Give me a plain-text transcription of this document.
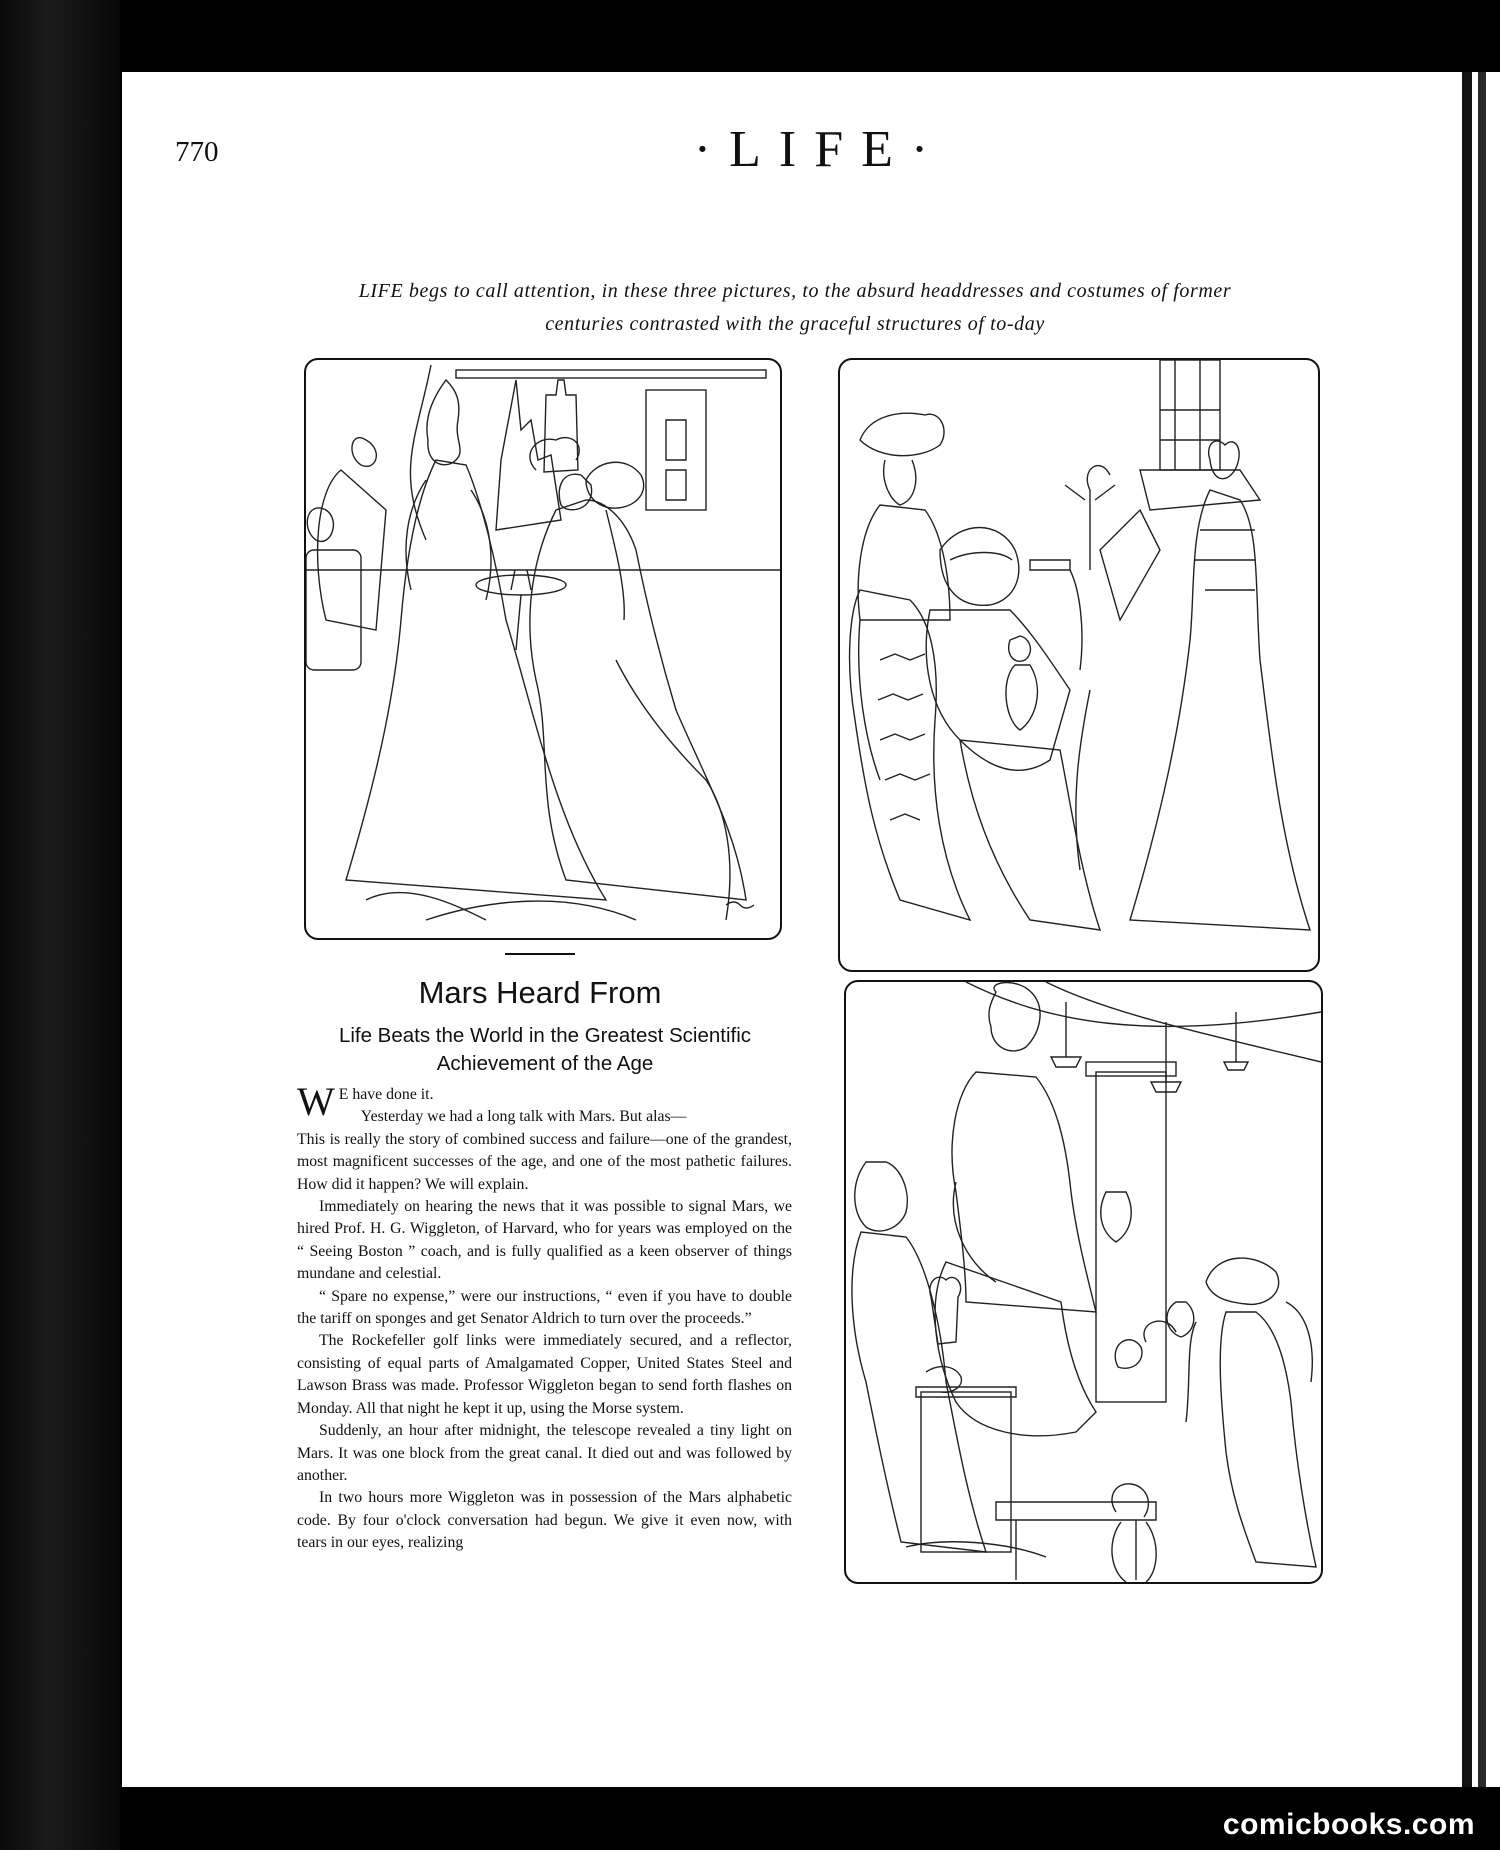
770	·LIFE·
LIFE begs to call attention, in these three pictures, to the absurd headdresses and costumes of former
centuries contrasted with the graceful structures of to-day
Mars Heard From
Life Beats the World in the Greatest Scientific
Achievement of the Age

W E have done it.

Yesterday we had a long talk with Mars. But alas—

This is really the story of combined success and failure—one of the grandest, most magnificent successes of the age, and one of the most pathetic failures. How did it happen? We will explain.

Immediately on hearing the news that it was possible to signal Mars, we hired Prof. H. G. Wiggleton, of Harvard, who for years was employed on the “ Seeing Boston ” coach, and is fully qualified as a keen observer of things mundane and celestial.

“ Spare no expense,” were our instructions, “ even if you have to double the tariff on sponges and get Senator Aldrich to turn over the proceeds.”

The Rockefeller golf links were immediately secured, and a reflector, consisting of equal parts of Amalgamated Copper, United States Steel and Lawson Brass was made. Professor Wiggleton began to send forth flashes on Monday. All that night he kept it up, using the Morse system.

Suddenly, an hour after midnight, the telescope revealed a tiny light on Mars. It was one block from the great canal. It died out and was followed by another.

In two hours more Wiggleton was in possession of the Mars alphabetic code. By four o'clock conversation had begun. We give it even now, with tears in our eyes, realizing

comicbooks.com
